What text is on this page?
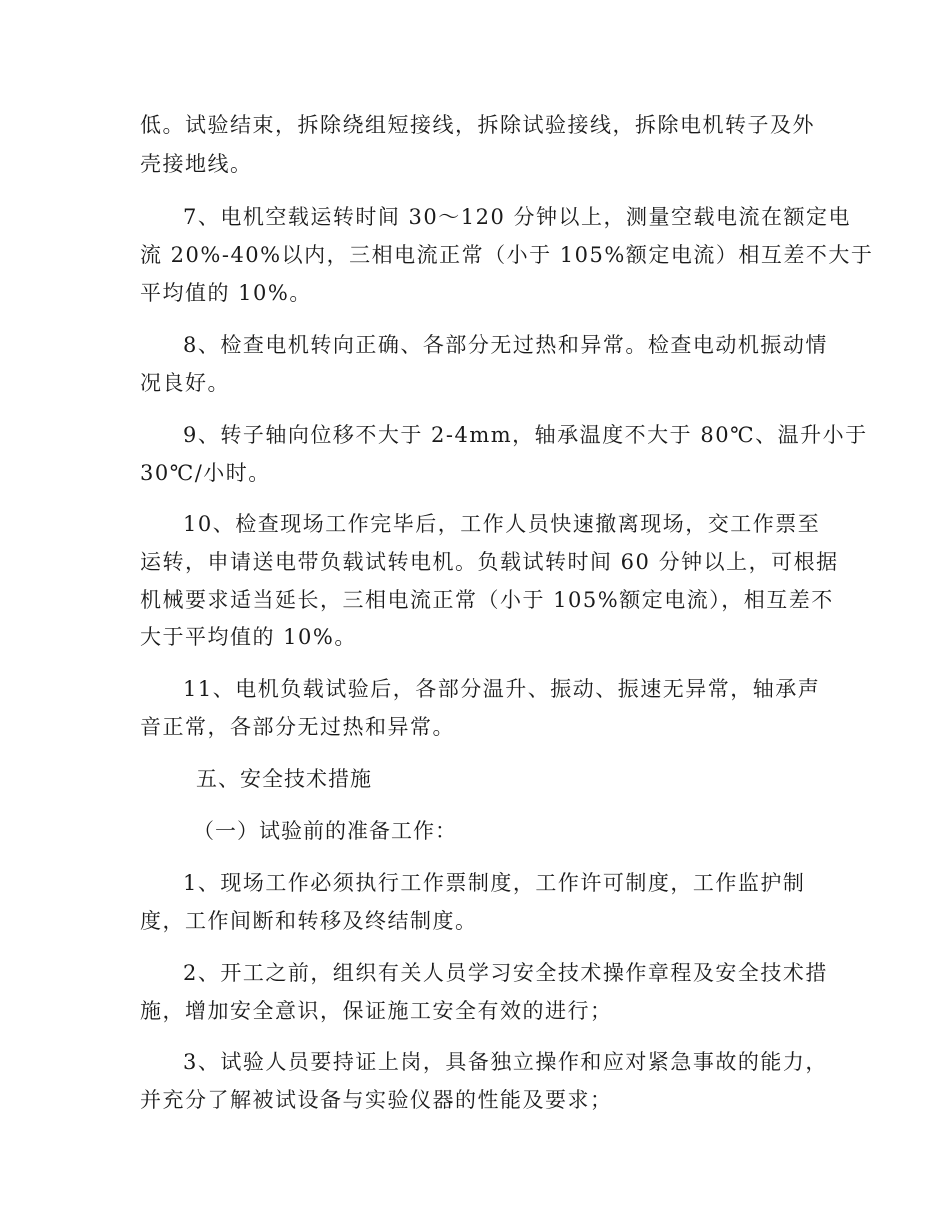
低。试验结束，拆除绕组短接线，拆除试验接线，拆除电机转子及外
壳接地线。
7、电机空载运转时间 30～120 分钟以上，测量空载电流在额定电
流 20%-40%以内，三相电流正常（小于 105%额定电流）相互差不大于
平均值的 10%。
8、检查电机转向正确、各部分无过热和异常。检查电动机振动情
况良好。
9、转子轴向位移不大于 2-4mm，轴承温度不大于 80℃、温升小于
30℃/小时。
10、检查现场工作完毕后，工作人员快速撤离现场，交工作票至
运转，申请送电带负载试转电机。负载试转时间 60 分钟以上，可根据
机械要求适当延长，三相电流正常（小于 105%额定电流），相互差不
大于平均值的 10%。
11、电机负载试验后，各部分温升、振动、振速无异常，轴承声
音正常，各部分无过热和异常。
五、安全技术措施
（一）试验前的准备工作：
1、现场工作必须执行工作票制度，工作许可制度，工作监护制
度，工作间断和转移及终结制度。
2、开工之前，组织有关人员学习安全技术操作章程及安全技术措
施，增加安全意识，保证施工安全有效的进行；
3、试验人员要持证上岗，具备独立操作和应对紧急事故的能力，
并充分了解被试设备与实验仪器的性能及要求；
